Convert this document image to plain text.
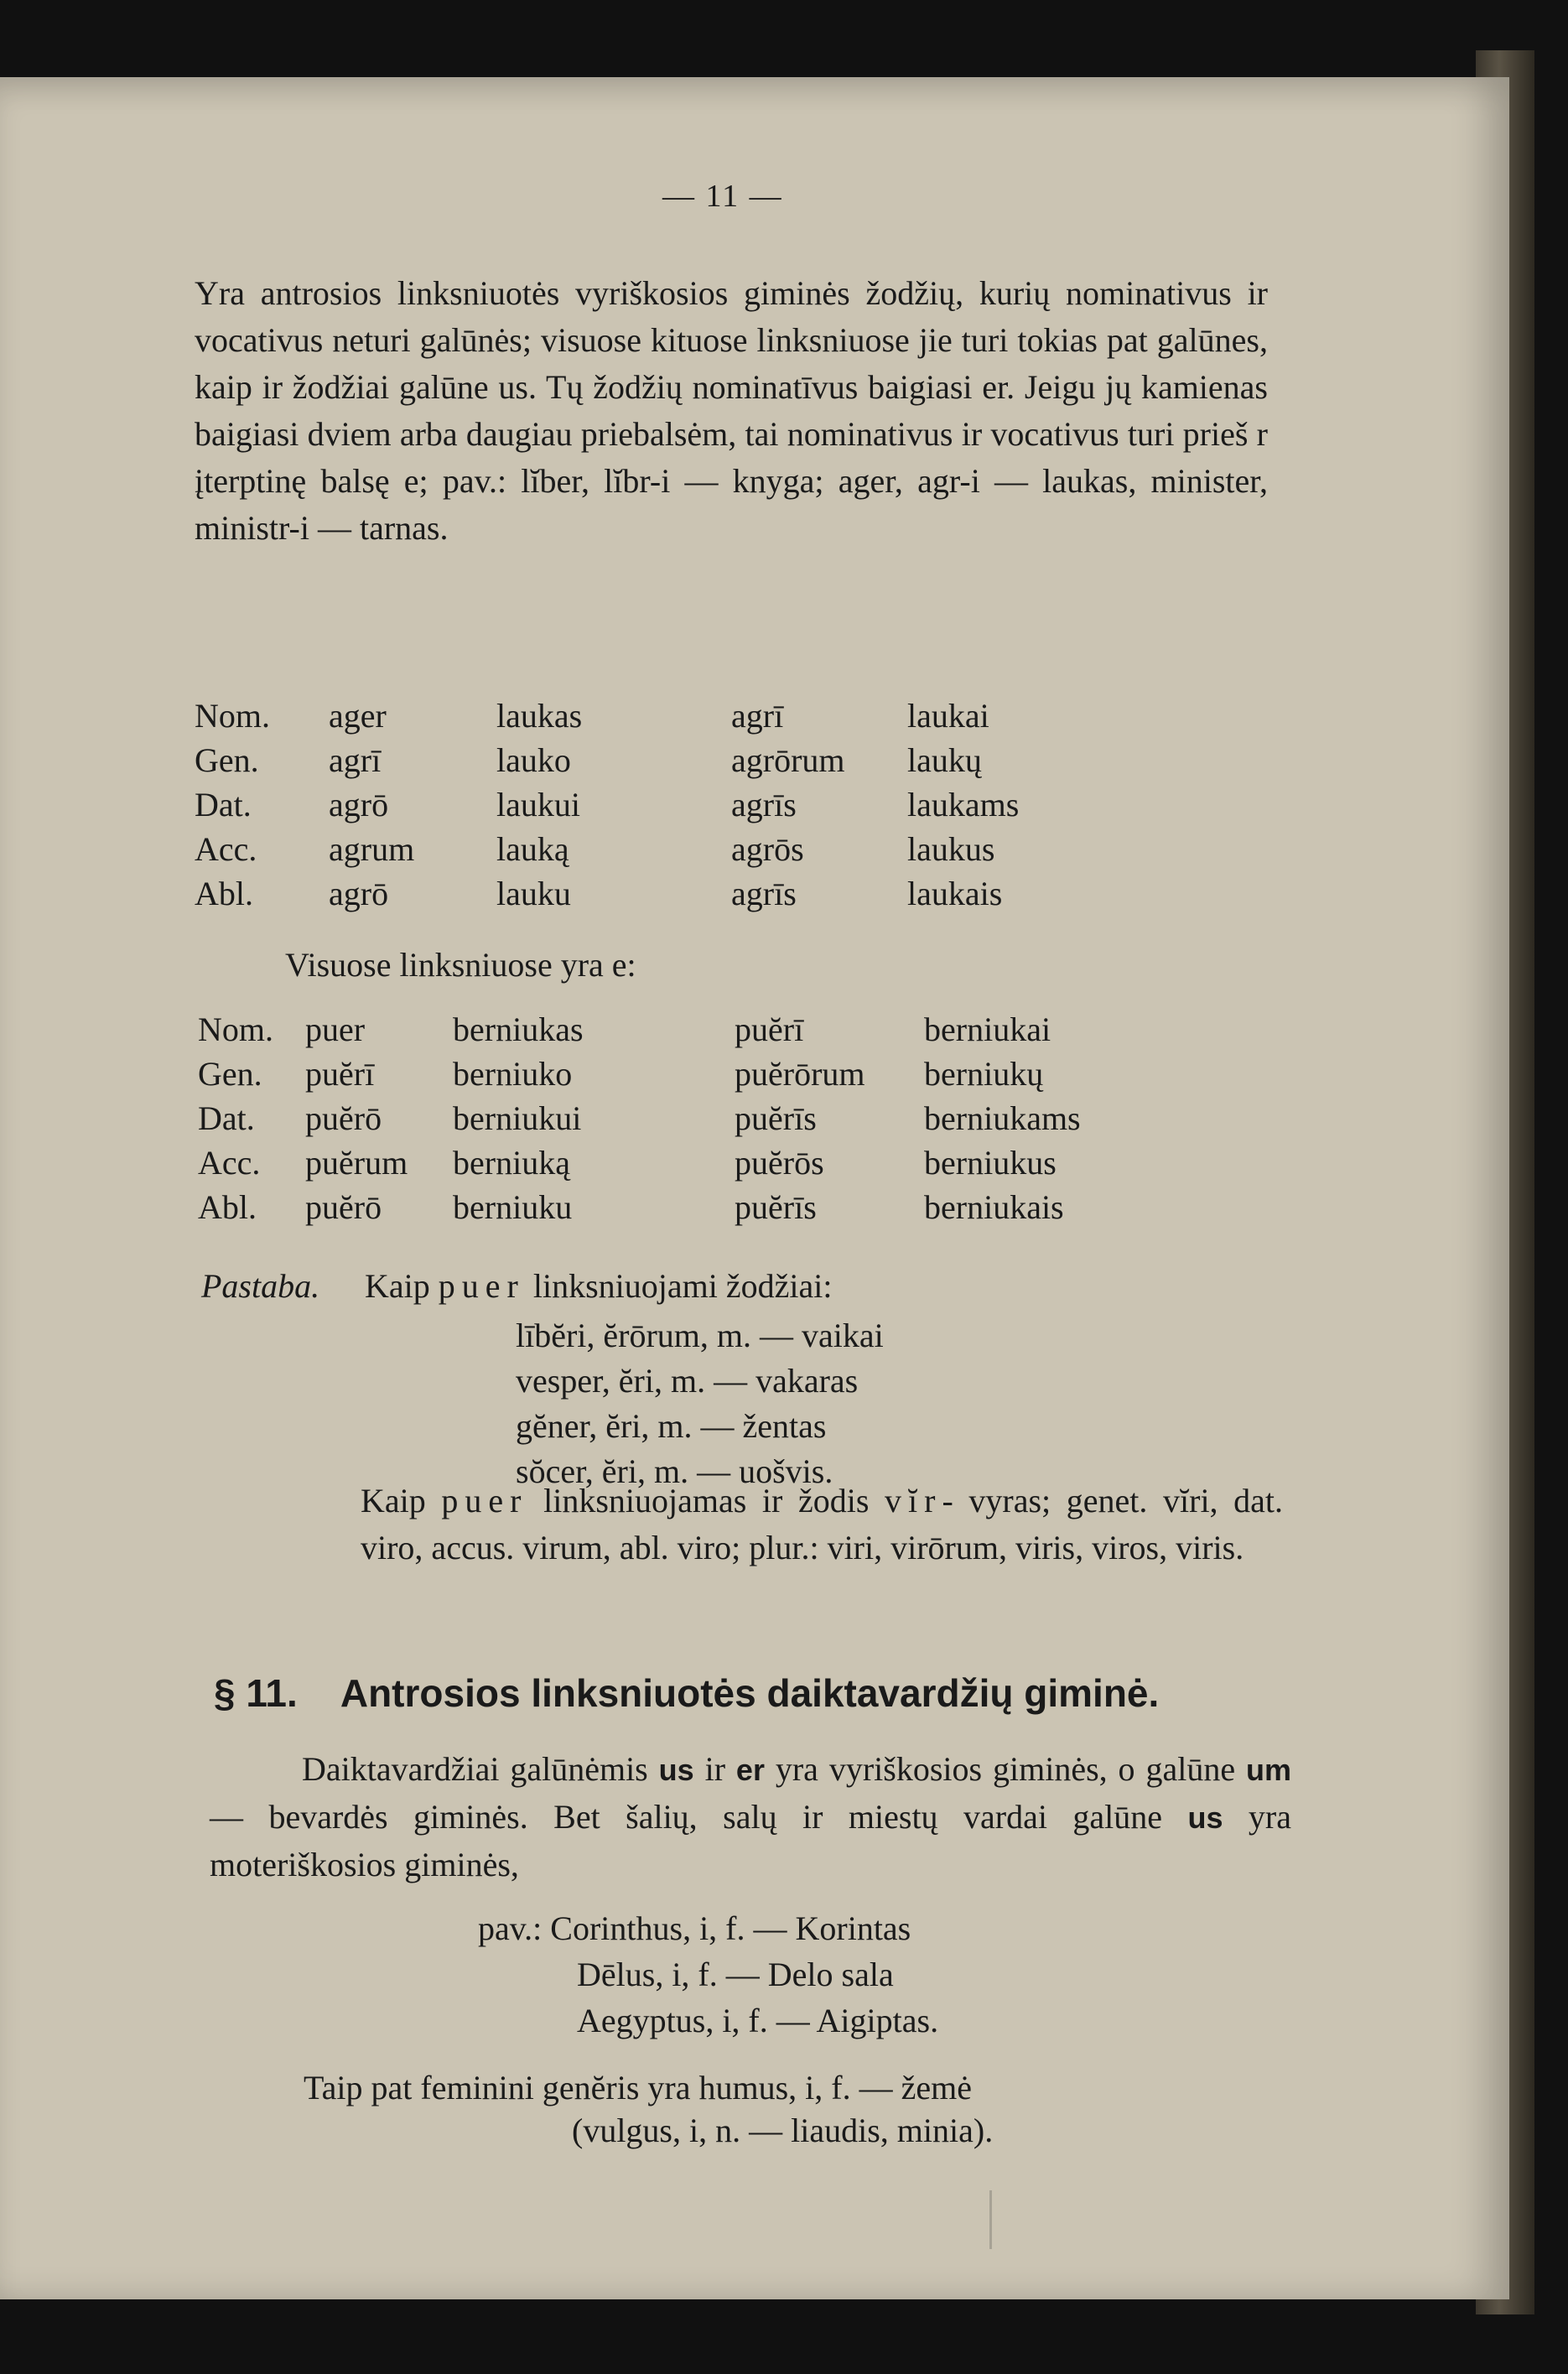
— 11 —
Yra antrosios linksniuotės vyriškosios giminės žodžių, kurių nominativus ir vocativus neturi galūnės; visuose kituose linksniuose jie turi tokias pat galūnes, kaip ir žodžiai galūne us. Tų žodžių nominatīvus baigiasi er. Jeigu jų kamienas baigiasi dviem arba daugiau priebalsėm, tai nominativus ir vocativus turi prieš r įterptinę balsę e; pav.: lĭber, lĭbr-i — knyga; ager, agr-i — laukas, minister, ministr-i — tarnas.
Nom.	ager	laukas	agrī	laukai
Gen.	agrī	lauko	agrōrum	laukų
Dat.	agrō	laukui	agrīs	laukams
Acc.	agrum	lauką	agrōs	laukus
Abl.	agrō	lauku	agrīs	laukais
Visuose linksniuose yra e:
Nom.	puer	berniukas	puĕrī	berniukai
Gen.	puĕrī	berniuko	puĕrōrum	berniukų
Dat.	puĕrō	berniukui	puĕrīs	berniukams
Acc.	puĕrum	berniuką	puĕrōs	berniukus
Abl.	puĕrō	berniuku	puĕrīs	berniukais
Pastaba. Kaip puer linksniuojami žodžiai:
lībĕri, ĕrōrum, m. — vaikai
vesper, ĕri, m. — vakaras
gĕner, ĕri, m. — žentas
sŏcer, ĕri, m. — uošvis.
Kaip puer linksniuojamas ir žodis vĭr- vyras; genet. vĭri, dat. viro, accus. virum, abl. viro; plur.: viri, virōrum, viris, viros, viris.
§ 11. Antrosios linksniuotės daiktavardžių giminė.
Daiktavardžiai galūnėmis us ir er yra vyriškosios giminės, o galūne um — bevardės giminės. Bet šalių, salų ir miestų vardai galūne us yra moteriškosios giminės,
pav.: Corinthus, i, f. — Korintas
Dēlus, i, f. — Delo sala
Aegyptus, i, f. — Aigiptas.
Taip pat feminini genĕris yra humus, i, f. — žemė
(vulgus, i, n. — liaudis, minia).
